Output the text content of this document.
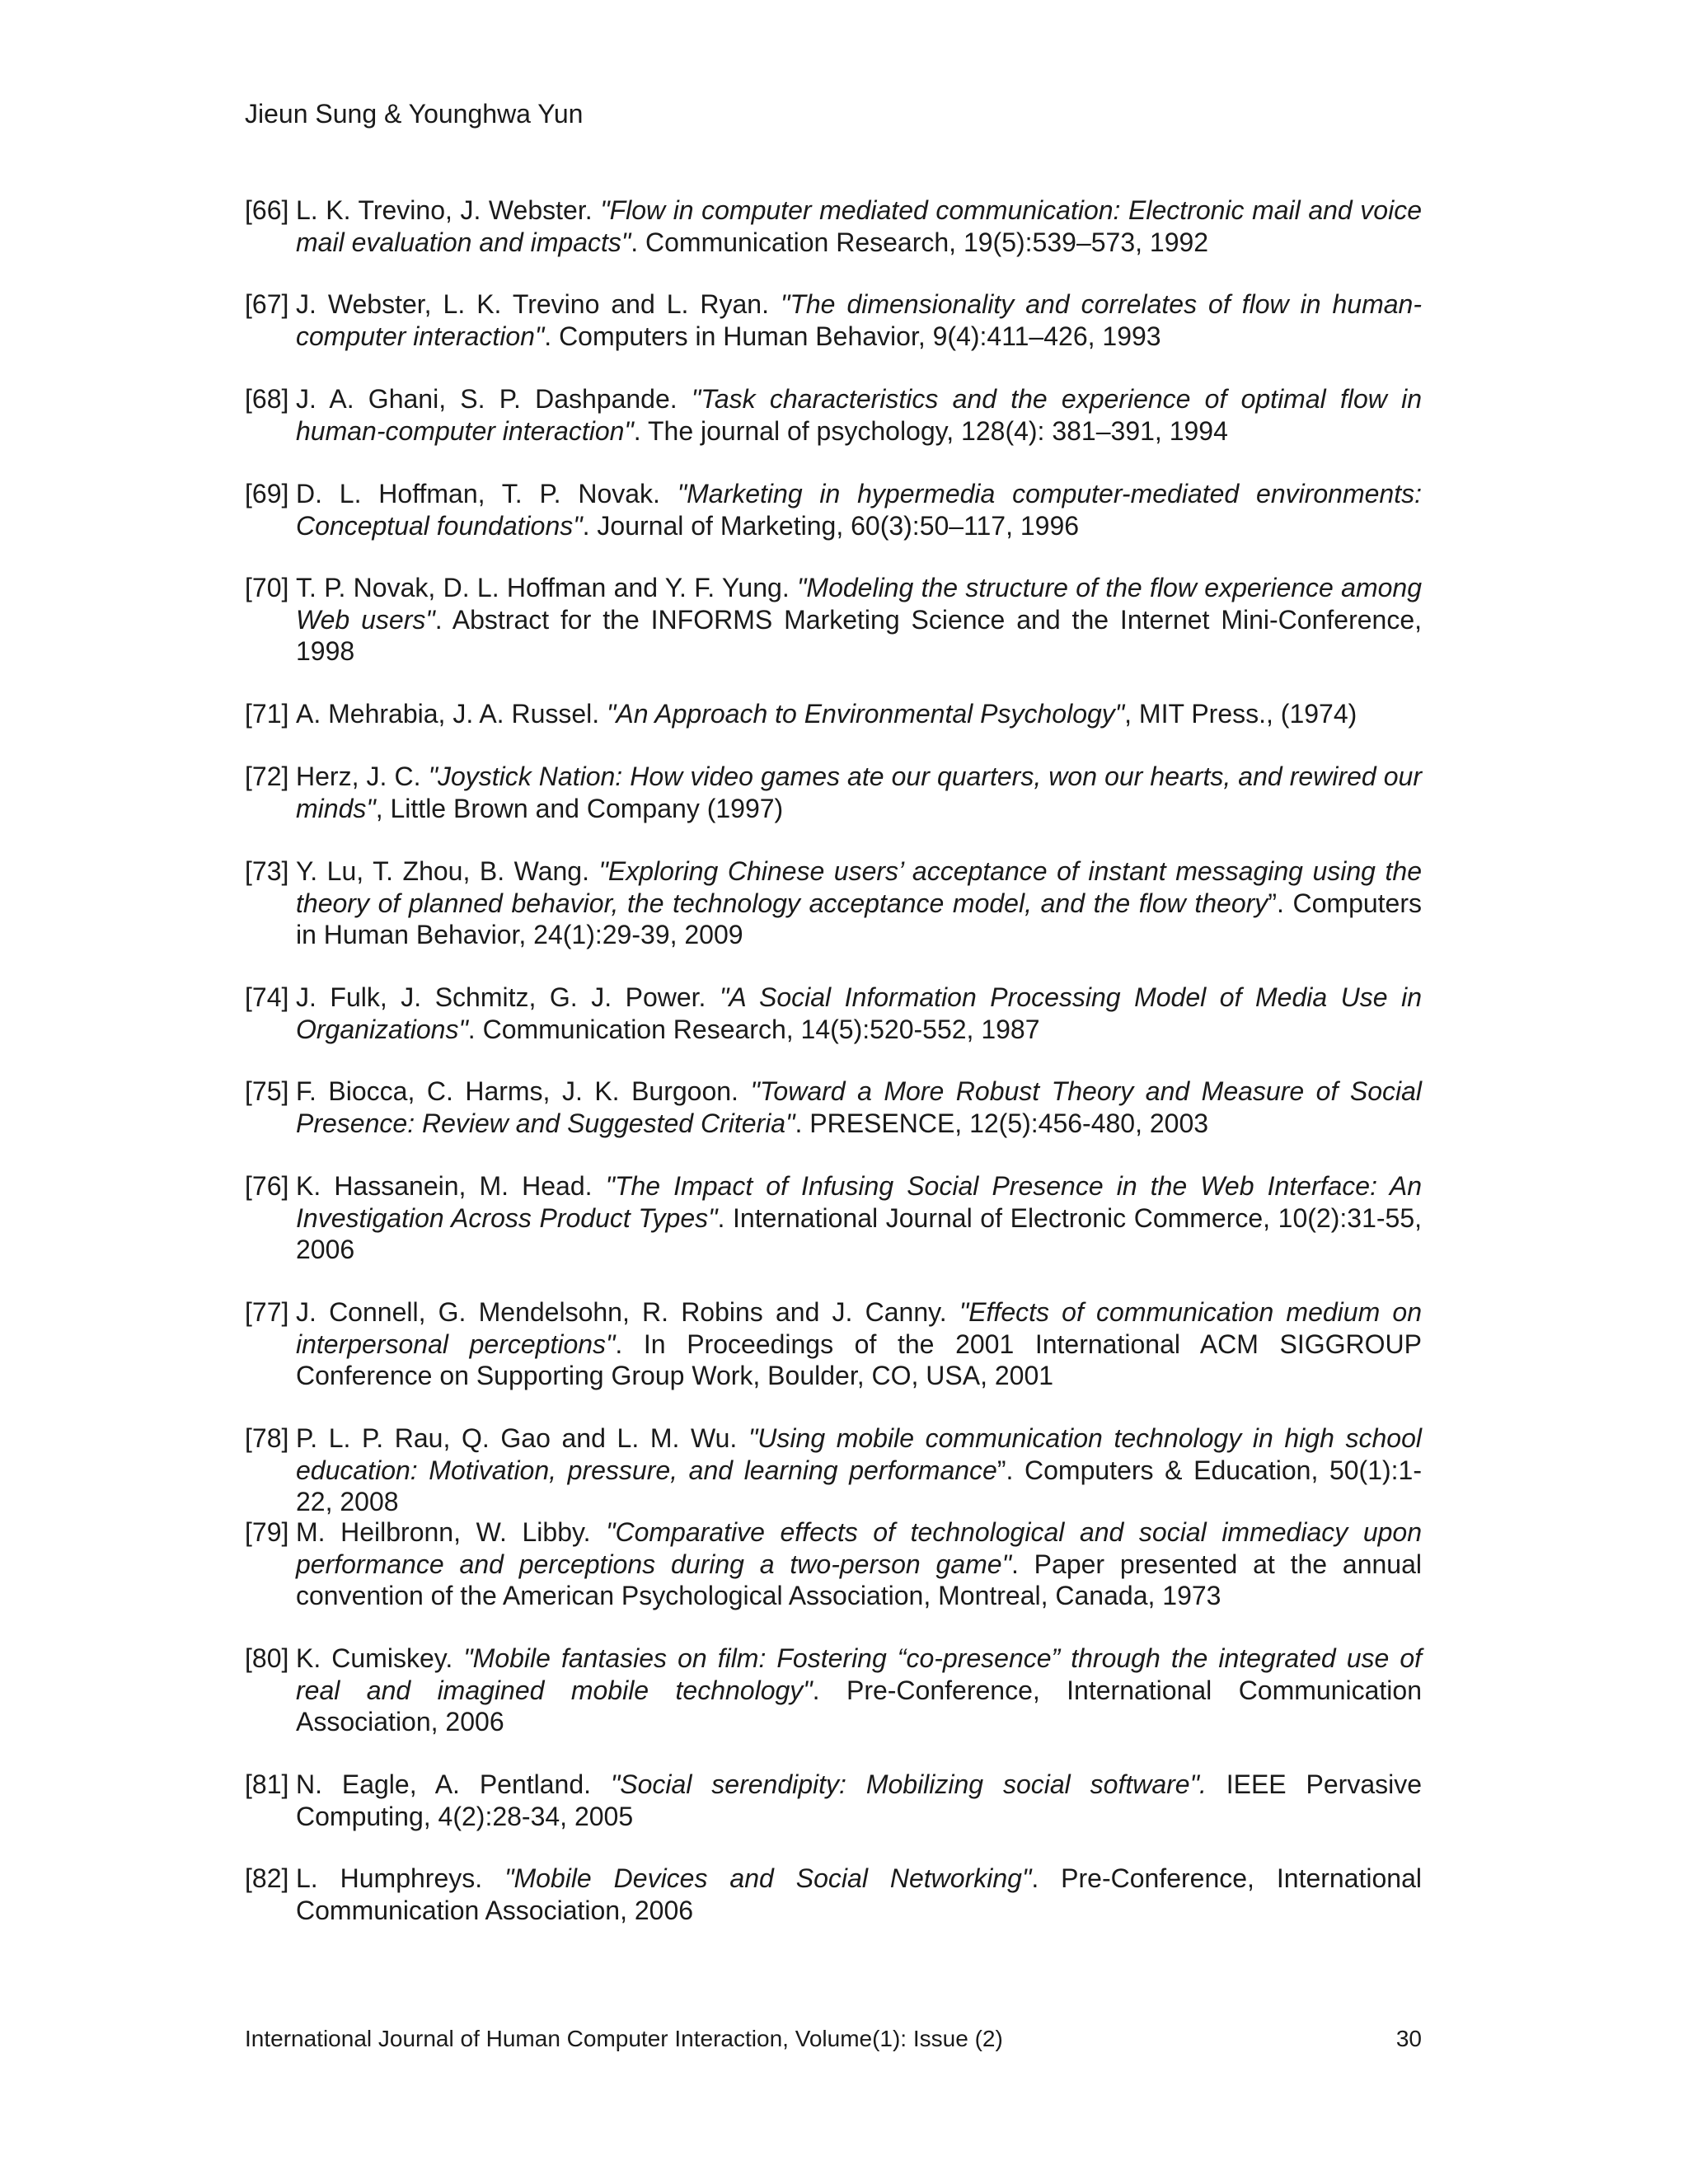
Jieun Sung & Younghwa Yun
[66] L. K. Trevino, J. Webster. "Flow in computer mediated communication: Electronic mail and voice mail evaluation and impacts". Communication Research, 19(5):539–573, 1992
[67] J. Webster, L. K. Trevino and L. Ryan. "The dimensionality and correlates of flow in human-computer interaction". Computers in Human Behavior, 9(4):411–426, 1993
[68] J. A. Ghani, S. P. Dashpande. "Task characteristics and the experience of optimal flow in human-computer interaction". The journal of psychology, 128(4): 381–391, 1994
[69] D. L. Hoffman, T. P. Novak. "Marketing in hypermedia computer-mediated environments: Conceptual foundations". Journal of Marketing, 60(3):50–117, 1996
[70] T. P. Novak, D. L. Hoffman and Y. F. Yung. "Modeling the structure of the flow experience among Web users". Abstract for the INFORMS Marketing Science and the Internet Mini-Conference, 1998
[71] A. Mehrabia, J. A. Russel. "An Approach to Environmental Psychology", MIT Press., (1974)
[72] Herz, J. C. "Joystick Nation: How video games ate our quarters, won our hearts, and rewired our minds", Little Brown and Company (1997)
[73] Y. Lu, T. Zhou, B. Wang. "Exploring Chinese users’ acceptance of instant messaging using the theory of planned behavior, the technology acceptance model, and the flow theory”. Computers in Human Behavior, 24(1):29-39, 2009
[74] J. Fulk, J. Schmitz, G. J. Power. "A Social Information Processing Model of Media Use in Organizations". Communication Research, 14(5):520-552, 1987
[75] F. Biocca, C. Harms, J. K. Burgoon. "Toward a More Robust Theory and Measure of Social Presence: Review and Suggested Criteria". PRESENCE, 12(5):456-480, 2003
[76] K. Hassanein, M. Head. "The Impact of Infusing Social Presence in the Web Interface: An Investigation Across Product Types". International Journal of Electronic Commerce, 10(2):31-55, 2006
[77] J. Connell, G. Mendelsohn, R. Robins and J. Canny. "Effects of communication medium on interpersonal perceptions". In Proceedings of the 2001 International ACM SIGGROUP Conference on Supporting Group Work, Boulder, CO, USA, 2001
[78] P. L. P. Rau, Q. Gao and L. M. Wu. "Using mobile communication technology in high school education: Motivation, pressure, and learning performance”. Computers & Education, 50(1):1-22, 2008
[79] M. Heilbronn, W. Libby. "Comparative effects of technological and social immediacy upon performance and perceptions during a two-person game". Paper presented at the annual convention of the American Psychological Association, Montreal, Canada, 1973
[80] K. Cumiskey. "Mobile fantasies on film: Fostering “co-presence” through the integrated use of real and imagined mobile technology". Pre-Conference, International Communication Association, 2006
[81] N. Eagle, A. Pentland. "Social serendipity: Mobilizing social software". IEEE Pervasive Computing, 4(2):28-34, 2005
[82] L. Humphreys. "Mobile Devices and Social Networking". Pre-Conference, International Communication Association, 2006
International Journal of Human Computer Interaction, Volume(1): Issue (2)	30
